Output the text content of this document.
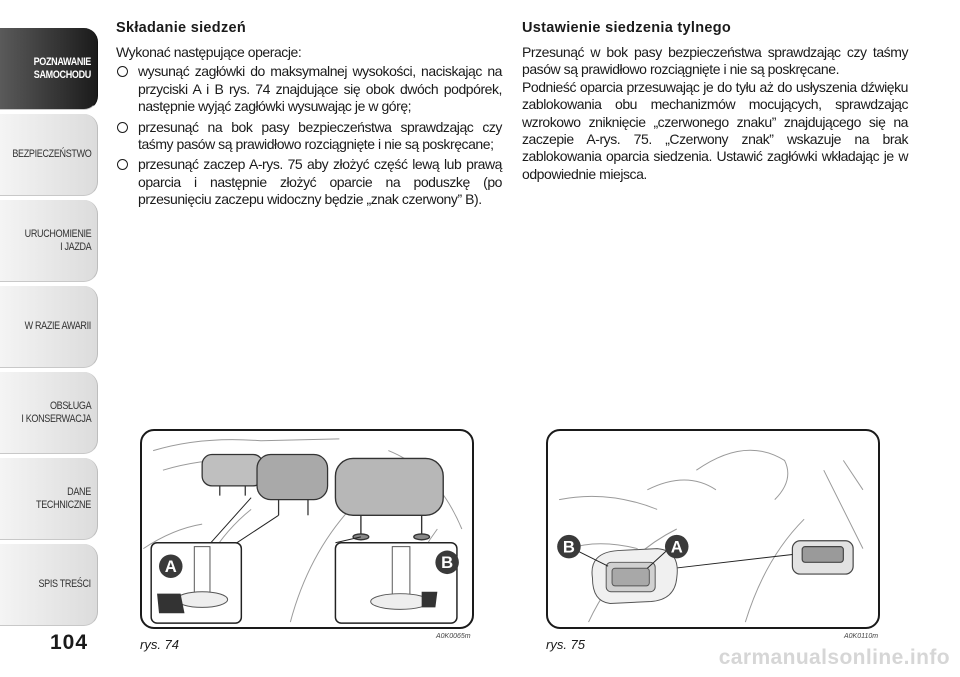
POZNAWANIE
SAMOCHODU
BEZPIECZEŃSTWO
URUCHOMIENIE
I JAZDA
W RAZIE AWARII
OBSŁUGA
I KONSERWACJA
DANE
TECHNICZNE
SPIS TREŚCI
104
Składanie siedzeń

Wykonać następujące operacje:

wysunąć zagłówki do maksymalnej wysokości, naciskając na przyciski A i B rys. 74 znajdujące się obok dwóch podpórek, następnie wyjąć zagłówki wysuwając je w górę;
przesunąć na bok pasy bezpieczeństwa sprawdzając czy taśmy pasów są prawidłowo rozciągnięte i nie są poskręcane;
przesunąć zaczep A-rys. 75 aby złożyć część lewą lub prawą oparcia i następnie złożyć oparcie na poduszkę (po przesunięciu zaczepu widoczny będzie „znak czerwony” B).
Ustawienie siedzenia tylnego

Przesunąć w bok pasy bezpieczeństwa sprawdzając czy taśmy pasów są prawidłowo rozciągnięte i nie są poskręcane.

Podnieść oparcia przesuwając je do tyłu aż do usłyszenia dźwięku zablokowania obu mechanizmów mocujących, sprawdzając wzrokowo zniknięcie „czerwonego znaku” znajdującego się na zaczepie A-rys. 75. „Czerwony znak” wskazuje na brak zablokowania oparcia siedzenia. Ustawić zagłówki wkładając je w odpowiednie miejsca.

A	B
rys. 74
A0K0065m
B	A
rys. 75
A0K0110m
carmanualsonline.info
